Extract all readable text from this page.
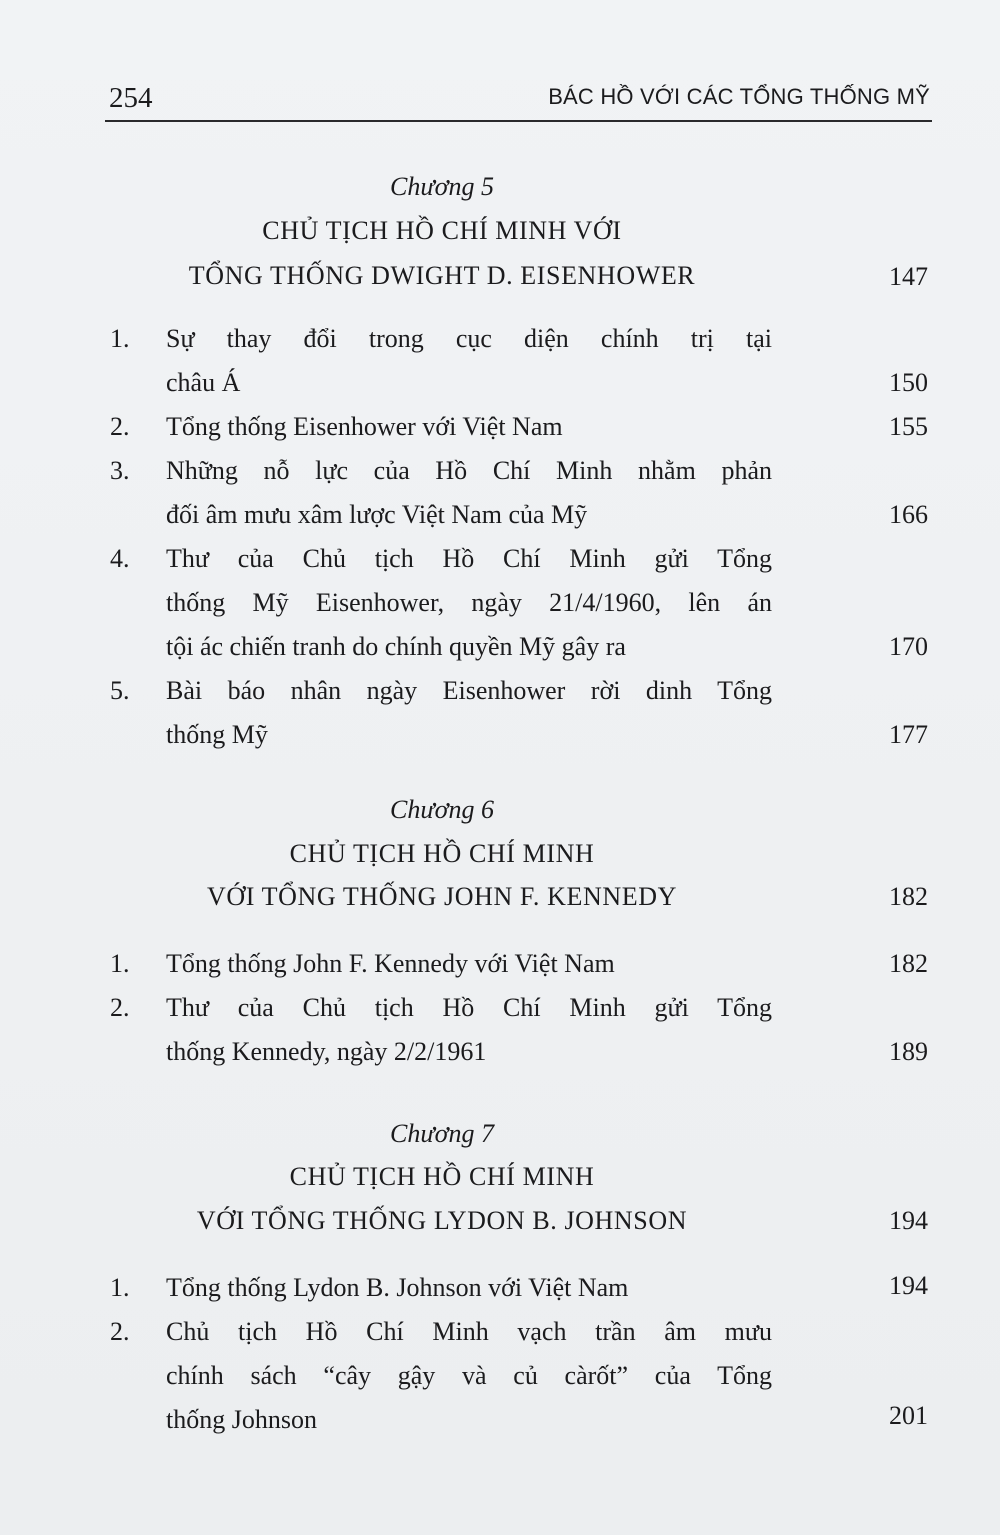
254	BÁC HỒ VỚI CÁC TỔNG THỐNG MỸ
Chương 5
CHỦ TỊCH HỒ CHÍ MINH VỚI
TỔNG THỐNG DWIGHT D. EISENHOWER	147
1.	Sự thay đổi trong cục diện chính trị tại
châu Á	150
2.	Tổng thống Eisenhower với Việt Nam	155
3.	Những nỗ lực của Hồ Chí Minh nhằm phản
đối âm mưu xâm lược Việt Nam của Mỹ	166
4.	Thư của Chủ tịch Hồ Chí Minh gửi Tổng
thống Mỹ Eisenhower, ngày 21/4/1960, lên án
tội ác chiến tranh do chính quyền Mỹ gây ra	170
5.	Bài báo nhân ngày Eisenhower rời dinh Tổng
thống Mỹ	177
Chương 6
CHỦ TỊCH HỒ CHÍ MINH
VỚI TỔNG THỐNG JOHN F. KENNEDY	182
1.	Tổng thống John F. Kennedy với Việt Nam	182
2.	Thư của Chủ tịch Hồ Chí Minh gửi Tổng
thống Kennedy, ngày 2/2/1961	189
Chương 7
CHỦ TỊCH HỒ CHÍ MINH
VỚI TỔNG THỐNG LYDON B. JOHNSON	194
1.	Tổng thống Lydon B. Johnson với Việt Nam	194
2.	Chủ tịch Hồ Chí Minh vạch trần âm mưu
chính sách “cây gậy và củ càrốt” của Tổng
thống Johnson	201
